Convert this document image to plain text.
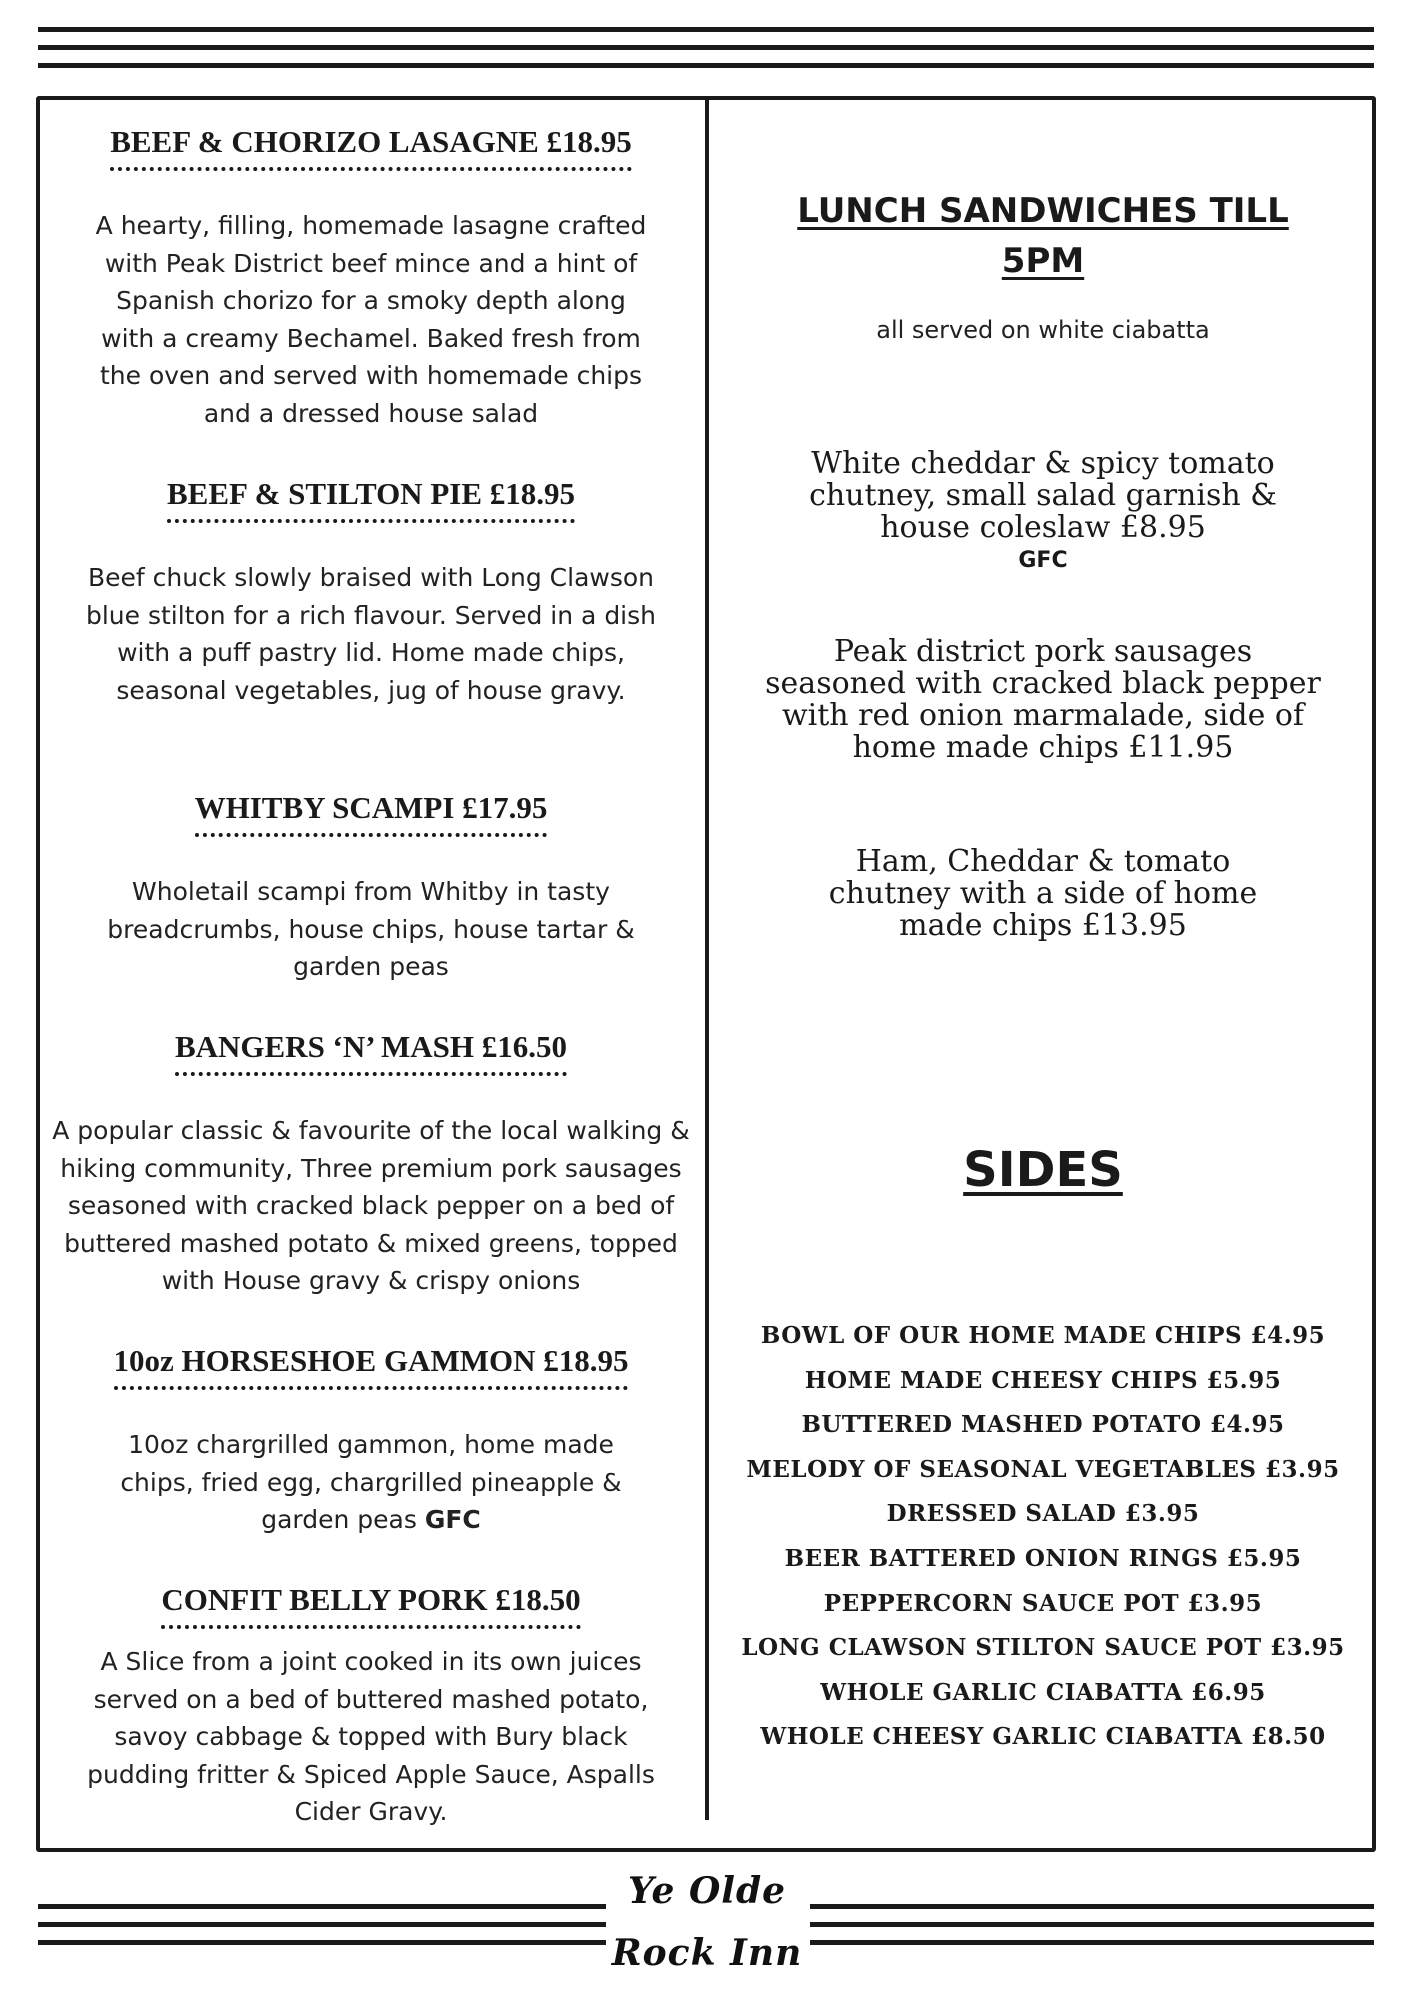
BEEF & CHORIZO LASAGNE £18.95

A hearty, filling, homemade lasagne crafted with Peak District beef mince and a hint of Spanish chorizo for a smoky depth along with a creamy Bechamel. Baked fresh from the oven and served with homemade chips and a dressed house salad

BEEF & STILTON PIE £18.95

Beef chuck slowly braised with Long Clawson blue stilton for a rich flavour. Served in a dish with a puff pastry lid. Home made chips, seasonal vegetables, jug of house gravy.

WHITBY SCAMPI £17.95

Wholetail scampi from Whitby in tasty breadcrumbs, house chips, house tartar & garden peas

BANGERS ‘N’ MASH £16.50

A popular classic & favourite of the local walking & hiking community, Three premium pork sausages seasoned with cracked black pepper on a bed of buttered mashed potato & mixed greens, topped with House gravy & crispy onions

10oz HORSESHOE GAMMON £18.95

10oz chargrilled gammon, home made chips, fried egg, chargrilled pineapple & garden peas GFC

CONFIT BELLY PORK £18.50

A Slice from a joint cooked in its own juices served on a bed of buttered mashed potato, savoy cabbage & topped with Bury black pudding fritter & Spiced Apple Sauce, Aspalls Cider Gravy.

LUNCH SANDWICHES TILL
5PM
all served on white ciabatta
White cheddar & spicy tomato chutney, small salad garnish & house coleslaw £8.95
GFC
Peak district pork sausages seasoned with cracked black pepper with red onion marmalade, side of home made chips £11.95
Ham, Cheddar & tomato chutney with a side of home made chips £13.95
SIDES
BOWL OF OUR HOME MADE CHIPS £4.95
HOME MADE CHEESY CHIPS £5.95
BUTTERED MASHED POTATO £4.95
MELODY OF SEASONAL VEGETABLES £3.95
DRESSED SALAD £3.95
BEER BATTERED ONION RINGS £5.95
PEPPERCORN SAUCE POT £3.95
LONG CLAWSON STILTON SAUCE POT £3.95
WHOLE GARLIC CIABATTA £6.95
WHOLE CHEESY GARLIC CIABATTA £8.50
Ye Olde
Rock Inn
